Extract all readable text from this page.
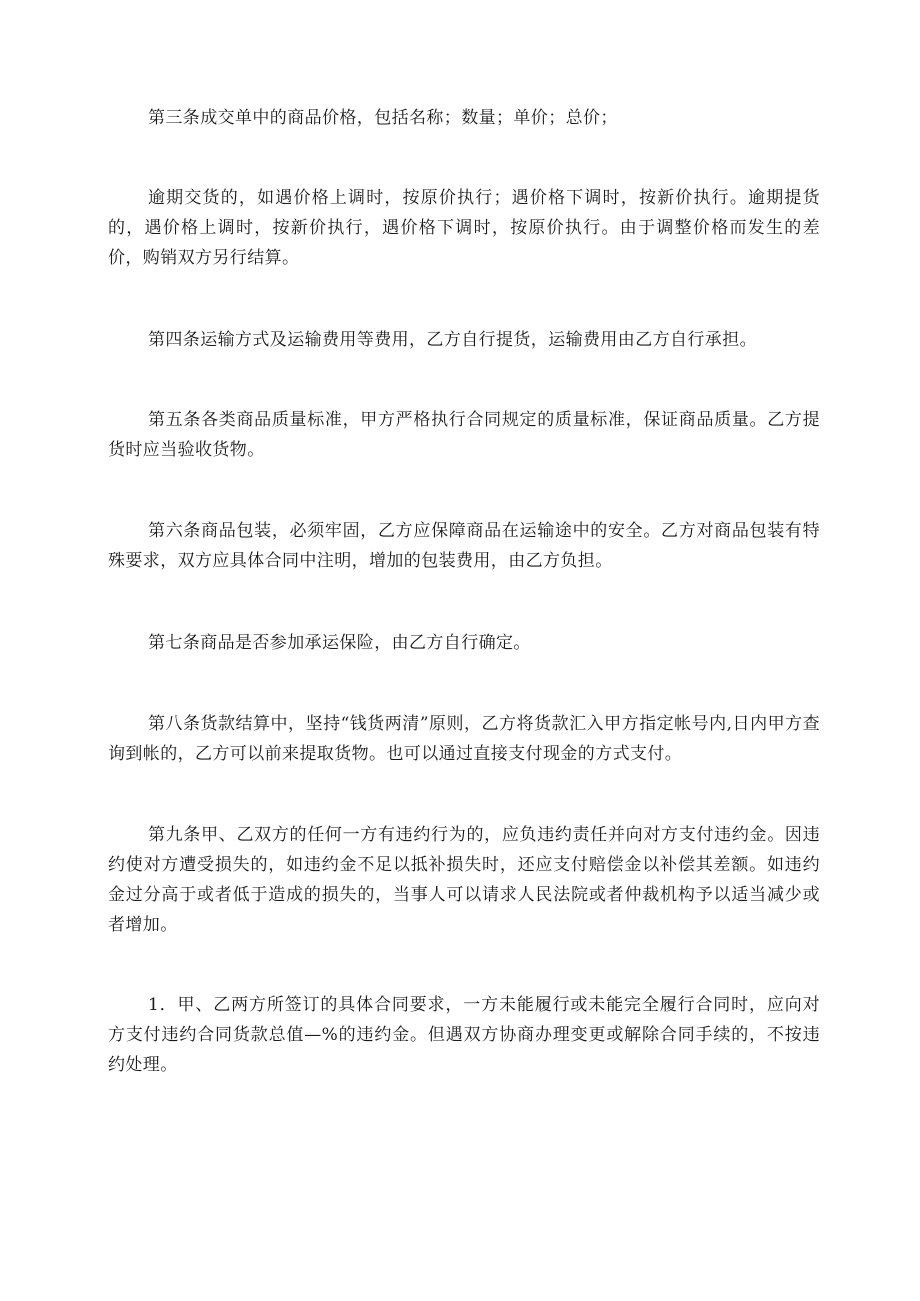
第三条成交单中的商品价格，包括名称；数量；单价；总价；

逾期交货的，如遇价格上调时，按原价执行；遇价格下调时，按新价执行。逾期提货的，遇价格上调时，按新价执行，遇价格下调时，按原价执行。由于调整价格而发生的差价，购销双方另行结算。

第四条运输方式及运输费用等费用，乙方自行提货，运输费用由乙方自行承担。

第五条各类商品质量标准，甲方严格执行合同规定的质量标准，保证商品质量。乙方提货时应当验收货物。

第六条商品包装，必须牢固，乙方应保障商品在运输途中的安全。乙方对商品包装有特殊要求，双方应具体合同中注明，增加的包装费用，由乙方负担。

第七条商品是否参加承运保险，由乙方自行确定。

第八条货款结算中，坚持“钱货两清”原则，乙方将货款汇入甲方指定帐号内,日内甲方查询到帐的，乙方可以前来提取货物。也可以通过直接支付现金的方式支付。

第九条甲、乙双方的任何一方有违约行为的，应负违约责任并向对方支付违约金。因违约使对方遭受损失的，如违约金不足以抵补损失时，还应支付赔偿金以补偿其差额。如违约金过分高于或者低于造成的损失的，当事人可以请求人民法院或者仲裁机构予以适当减少或者增加。

1．甲、乙两方所签订的具体合同要求，一方未能履行或未能完全履行合同时，应向对方支付违约合同货款总值—%的违约金。但遇双方协商办理变更或解除合同手续的，不按违约处理。
